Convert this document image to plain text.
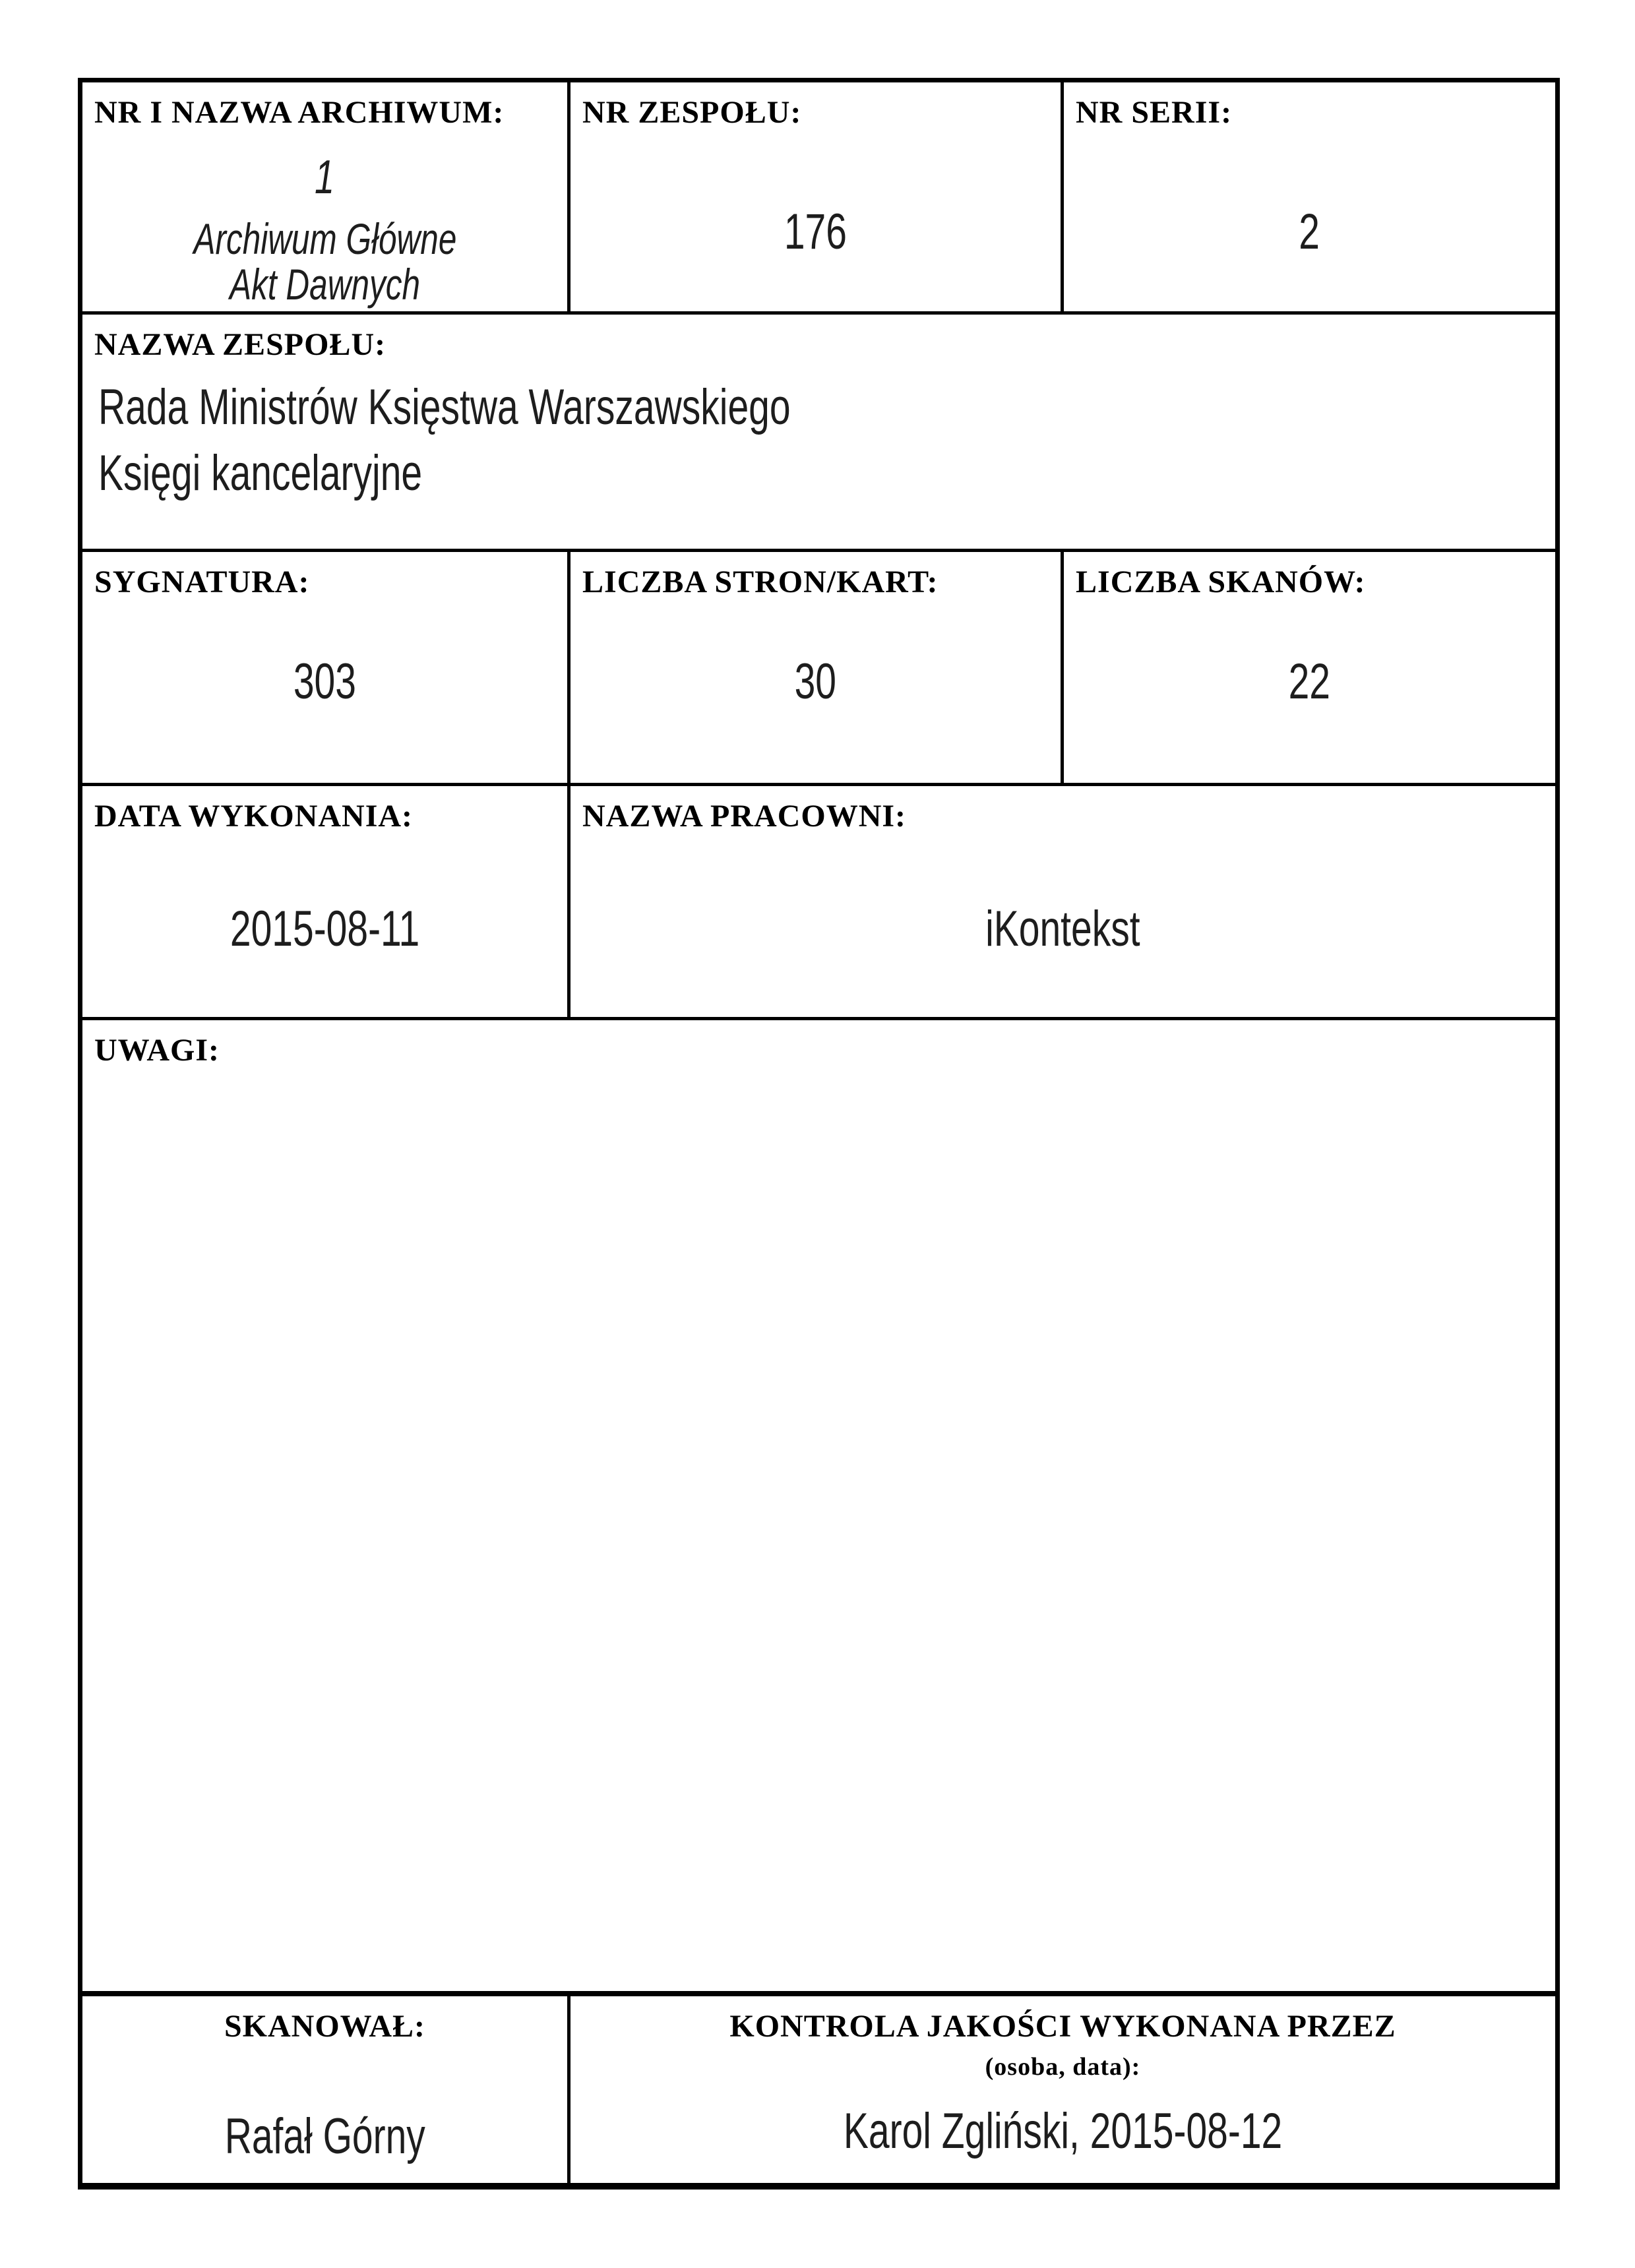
NR I NAZWA ARCHIWUM:
1
Archiwum Główne
Akt Dawnych
NR ZESPOŁU:
176
NR SERII:
2
NAZWA ZESPOŁU:
Rada Ministrów Księstwa Warszawskiego
Księgi kancelaryjne
SYGNATURA:
303
LICZBA STRON/KART:
30
LICZBA SKANÓW:
22
DATA WYKONANIA:
2015-08-11
NAZWA PRACOWNI:
iKontekst
UWAGI:
SKANOWAŁ:
Rafał Górny
KONTROLA JAKOŚCI WYKONANA PRZEZ
(osoba, data):
Karol Zgliński, 2015-08-12
